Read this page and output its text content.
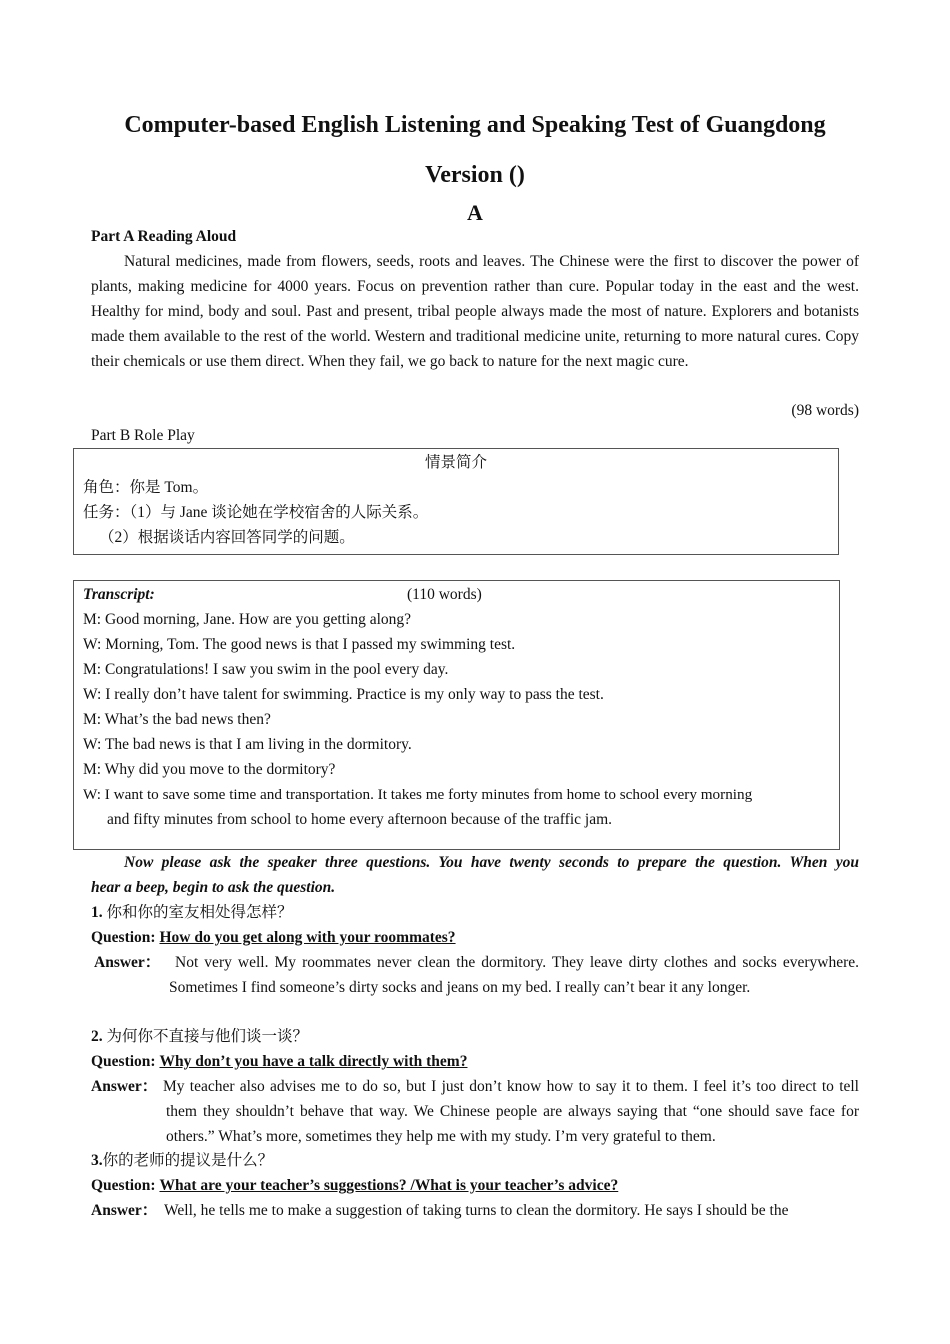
Computer-based English Listening and Speaking Test of Guangdong
Version ()
A
Part A Reading Aloud
Natural medicines, made from flowers, seeds, roots and leaves. The Chinese were the first to discover the power of plants, making medicine for 4000 years. Focus on prevention rather than cure. Popular today in the east and the west. Healthy for mind, body and soul. Past and present, tribal people always made the most of nature. Explorers and botanists made them available to the rest of the world. Western and traditional medicine unite, returning to more natural cures. Copy their chemicals or use them direct. When they fail, we go back to nature for the next magic cure.
(98 words)
Part B Role Play
情景简介
角色：你是 Tom。
任务：（1）与 Jane 谈论她在学校宿舍的人际关系。
（2）根据谈话内容回答同学的问题。
Transcript:	(110 words)
M: Good morning, Jane. How are you getting along?
W: Morning, Tom. The good news is that I passed my swimming test.
M: Congratulations! I saw you swim in the pool every day.
W: I really don’t have talent for swimming. Practice is my only way to pass the test.
M: What’s the bad news then?
W: The bad news is that I am living in the dormitory.
M: Why did you move to the dormitory?
W: I want to save some time and transportation. It takes me forty minutes from home to school every morning
and fifty minutes from school to home every afternoon because of the traffic jam.
Now please ask the speaker three questions. You have twenty seconds to prepare the question. When you
hear a beep, begin to ask the question.
1. 你和你的室友相处得怎样？
Question: How do you get along with your roommates?
Answer： Not very well. My roommates never clean the dormitory. They leave dirty clothes and socks everywhere. Sometimes I find someone’s dirty socks and jeans on my bed. I really can’t bear it any longer.
2. 为何你不直接与他们谈一谈？
Question: Why don’t you have a talk directly with them?
Answer： My teacher also advises me to do so, but I just don’t know how to say it to them. I feel it’s too direct to tell them they shouldn’t behave that way. We Chinese people are always saying that “one should save face for others.” What’s more, sometimes they help me with my study. I’m very grateful to them.
3.你的老师的提议是什么？
Question: What are your teacher’s suggestions? /What is your teacher’s advice?
Answer： Well, he tells me to make a suggestion of taking turns to clean the dormitory. He says I should be the
